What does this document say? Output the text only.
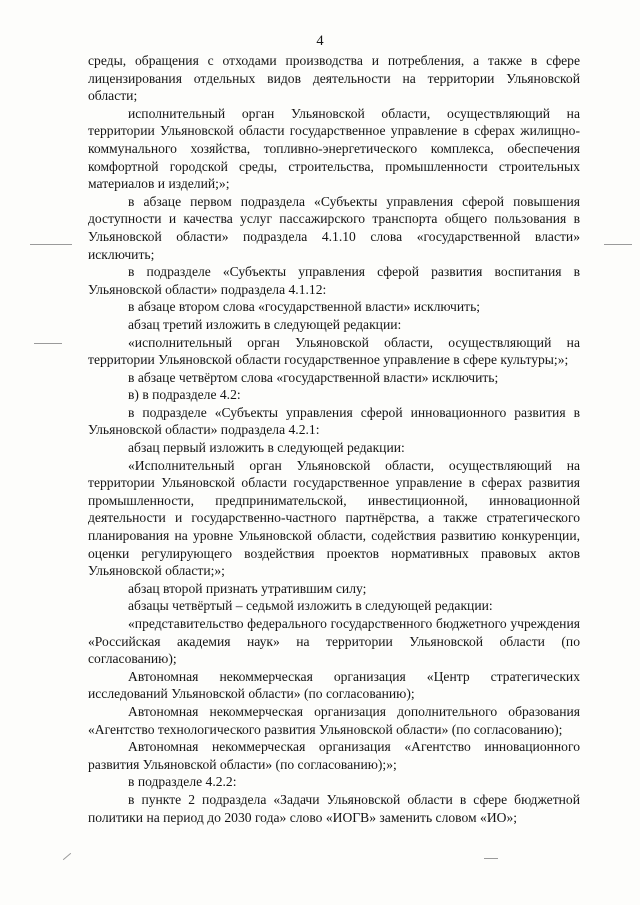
4

среды, обращения с отходами производства и потребления, а также в сфере лицензирования отдельных видов деятельности на территории Ульяновской области;

исполнительный орган Ульяновской области, осуществляющий на территории Ульяновской области государственное управление в сферах жилищно-коммунального хозяйства, топливно-энергетического комплекса, обеспечения комфортной городской среды, строительства, промышленности строительных материалов и изделий;»;

в абзаце первом подраздела «Субъекты управления сферой повышения доступности и качества услуг пассажирского транспорта общего пользования в Ульяновской области» подраздела 4.1.10 слова «государственной власти» исключить;

в подразделе «Субъекты управления сферой развития воспитания в Ульяновской области» подраздела 4.1.12:

в абзаце втором слова «государственной власти» исключить;

абзац третий изложить в следующей редакции:

«исполнительный орган Ульяновской области, осуществляющий на территории Ульяновской области государственное управление в сфере культуры;»;

в абзаце четвёртом слова «государственной власти» исключить;

в) в подразделе 4.2:

в подразделе «Субъекты управления сферой инновационного развития в Ульяновской области» подраздела 4.2.1:

абзац первый изложить в следующей редакции:

«Исполнительный орган Ульяновской области, осуществляющий на территории Ульяновской области государственное управление в сферах развития промышленности, предпринимательской, инвестиционной, инновационной деятельности и государственно-частного партнёрства, а также стратегического планирования на уровне Ульяновской области, содействия развитию конкуренции, оценки регулирующего воздействия проектов нормативных правовых актов Ульяновской области;»;

абзац второй признать утратившим силу;

абзацы четвёртый – седьмой изложить в следующей редакции:

«представительство федерального государственного бюджетного учреждения «Российская академия наук» на территории Ульяновской области (по согласованию);

Автономная некоммерческая организация «Центр стратегических исследований Ульяновской области» (по согласованию);

Автономная некоммерческая организация дополнительного образования «Агентство технологического развития Ульяновской области» (по согласованию);

Автономная некоммерческая организация «Агентство инновационного развития Ульяновской области» (по согласованию);»;

в подразделе 4.2.2:

в пункте 2 подраздела «Задачи Ульяновской области в сфере бюджетной политики на период до 2030 года» слово «ИОГВ» заменить словом «ИО»;
